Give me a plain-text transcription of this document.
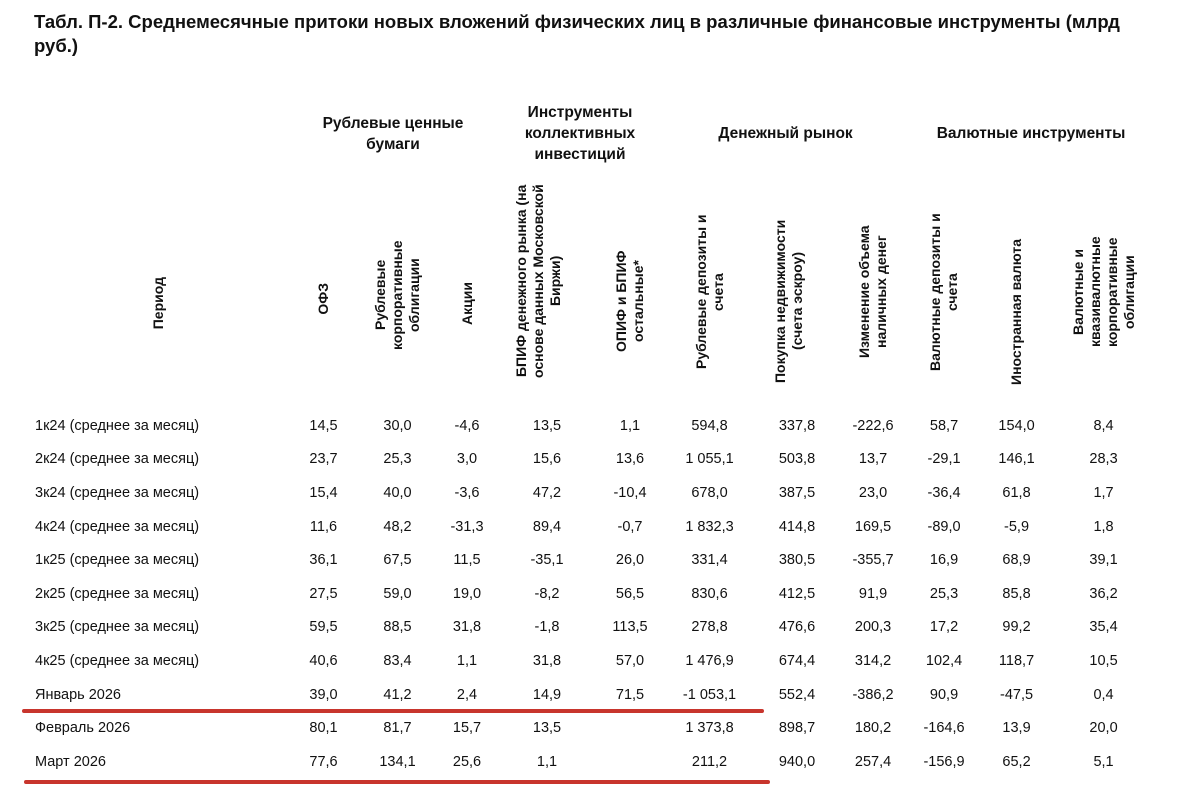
Табл. П-2. Среднемесячные притоки новых вложений физических лиц в различные финансовые инструменты (млрд руб.)
	Рублевые ценные бумаги			Инструменты коллективных инвестиций		Денежный рынок			Валютные инструменты		
Период	ОФЗ	Рублевые корпоративные облигации	Акции	БПИФ денежного рынка (на основе данных Московской Биржи)	ОПИФ и БПИФ остальные*	Рублевые депозиты и счета	Покупка недвижимости (счета эскроу)	Изменение объема наличных денег	Валютные депозиты и счета	Иностранная валюта	Валютные и квазивалютные корпоративные облигации
1к24 (среднее за месяц)	14,5	30,0	-4,6	13,5	1,1	594,8	337,8	-222,6	58,7	154,0	8,4
2к24 (среднее за месяц)	23,7	25,3	3,0	15,6	13,6	1 055,1	503,8	13,7	-29,1	146,1	28,3
3к24 (среднее за месяц)	15,4	40,0	-3,6	47,2	-10,4	678,0	387,5	23,0	-36,4	61,8	1,7
4к24 (среднее за месяц)	11,6	48,2	-31,3	89,4	-0,7	1 832,3	414,8	169,5	-89,0	-5,9	1,8
1к25 (среднее за месяц)	36,1	67,5	11,5	-35,1	26,0	331,4	380,5	-355,7	16,9	68,9	39,1
2к25 (среднее за месяц)	27,5	59,0	19,0	-8,2	56,5	830,6	412,5	91,9	25,3	85,8	36,2
3к25 (среднее за месяц)	59,5	88,5	31,8	-1,8	113,5	278,8	476,6	200,3	17,2	99,2	35,4
4к25 (среднее за месяц)	40,6	83,4	1,1	31,8	57,0	1 476,9	674,4	314,2	102,4	118,7	10,5
Январь 2026	39,0	41,2	2,4	14,9	71,5	-1 053,1	552,4	-386,2	90,9	-47,5	0,4
Февраль 2026	80,1	81,7	15,7	13,5		1 373,8	898,7	180,2	-164,6	13,9	20,0
Март 2026	77,6	134,1	25,6	1,1		211,2	940,0	257,4	-156,9	65,2	5,1
